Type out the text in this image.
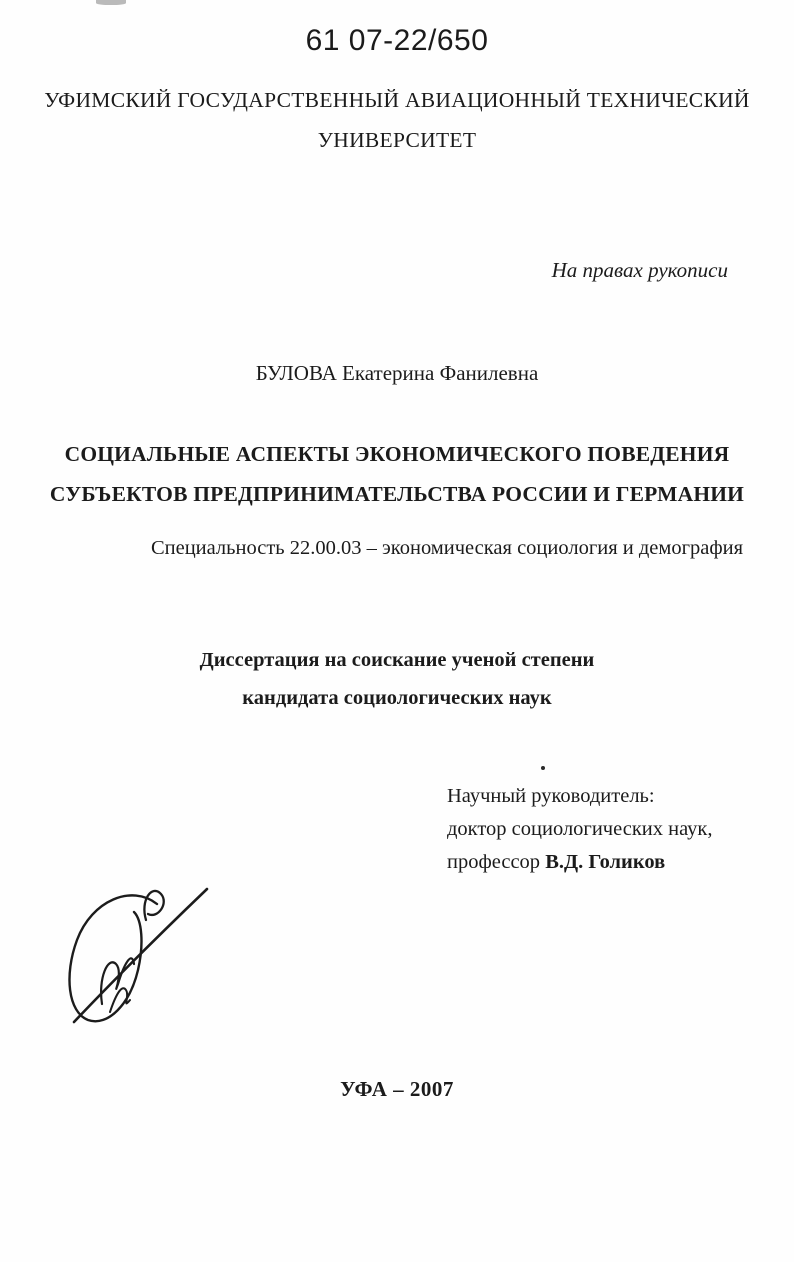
61 07-22/650
УФИМСКИЙ ГОСУДАРСТВЕННЫЙ АВИАЦИОННЫЙ ТЕХНИЧЕСКИЙ
УНИВЕРСИТЕТ
На правах рукописи
БУЛОВА Екатерина Фанилевна
СОЦИАЛЬНЫЕ АСПЕКТЫ ЭКОНОМИЧЕСКОГО ПОВЕДЕНИЯ
СУБЪЕКТОВ ПРЕДПРИНИМАТЕЛЬСТВА РОССИИ И ГЕРМАНИИ
Специальность 22.00.03 – экономическая социология и демография
Диссертация на соискание ученой степени
кандидата социологических наук
Научный руководитель:
доктор социологических наук,
профессор В.Д. Голиков
УФА – 2007
